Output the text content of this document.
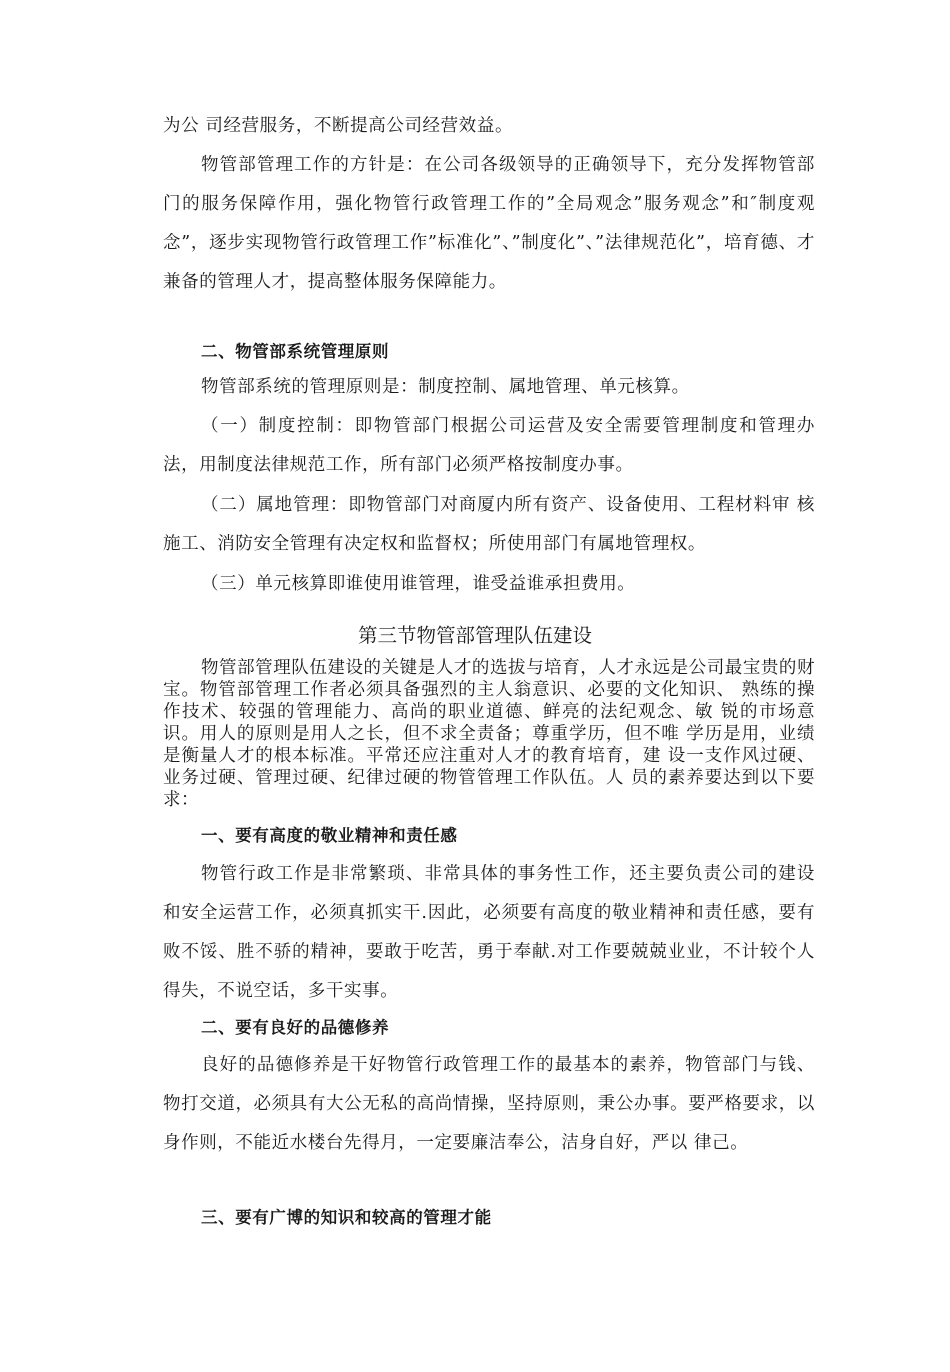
为公 司经营服务，不断提高公司经营效益。

物管部管理工作的方针是：在公司各级领导的正确领导下，充分发挥物管部门的服务保障作用，强化物管行政管理工作的”全局观念”服务观念”和″制度观念”，逐步实现物管行政管理工作”标准化”、”制度化”、”法律规范化”，培育德、才兼备的管理人才，提高整体服务保障能力。

二、物管部系统管理原则

物管部系统的管理原则是：制度控制、属地管理、单元核算。

（一）制度控制：即物管部门根据公司运营及安全需要管理制度和管理办 法，用制度法律规范工作，所有部门必须严格按制度办事。

（二）属地管理：即物管部门对商厦内所有资产、设备使用、工程材料审 核施工、消防安全管理有决定权和监督权；所使用部门有属地管理权。

（三）单元核算即谁使用谁管理，谁受益谁承担费用。

第三节物管部管理队伍建设

物管部管理队伍建设的关键是人才的选拔与培育，人才永远是公司最宝贵的财宝。物管部管理工作者必须具备强烈的主人翁意识、必要的文化知识、 熟练的操作技术、较强的管理能力、高尚的职业道德、鲜亮的法纪观念、敏 锐的市场意识。用人的原则是用人之长，但不求全责备；尊重学历，但不唯 学历是用，业绩是衡量人才的根本标准。平常还应注重对人才的教育培育，建 设一支作风过硬、业务过硬、管理过硬、纪律过硬的物管管理工作队伍。人 员的素养要达到以下要求：

一、要有高度的敬业精神和责任感

物管行政工作是非常繁琐、非常具体的事务性工作，还主要负责公司的建设和安全运营工作，必须真抓实干.因此，必须要有高度的敬业精神和责任感，要有败不馁、胜不骄的精神，要敢于吃苦，勇于奉献.对工作要兢兢业业，不计较个人得失，不说空话，多干实事。

二、要有良好的品德修养

良好的品德修养是干好物管行政管理工作的最基本的素养，物管部门与钱、物打交道，必须具有大公无私的高尚情操，坚持原则，秉公办事。要严格要求，以身作则，不能近水楼台先得月，一定要廉洁奉公，洁身自好，严以 律己。

三、要有广博的知识和较高的管理才能
